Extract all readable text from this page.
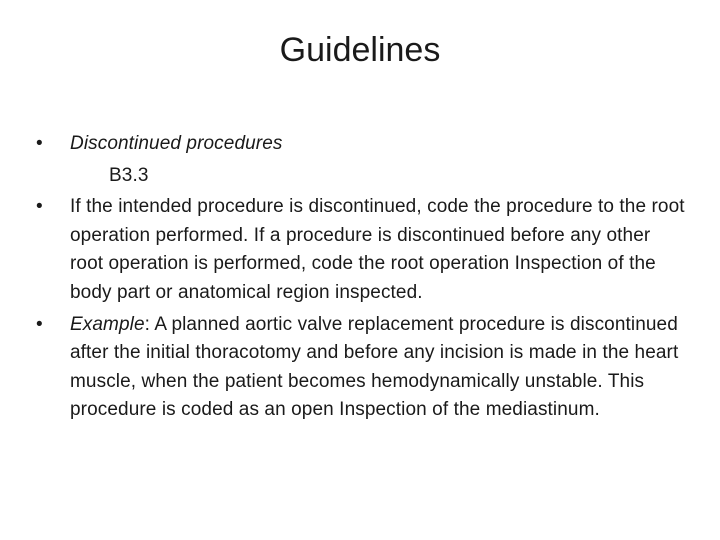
Guidelines
• Discontinued procedures
B3.3
• If the intended procedure is discontinued, code the procedure to the root operation performed. If a procedure is discontinued before any other root operation is performed, code the root operation Inspection of the body part or anatomical region inspected.
• Example: A planned aortic valve replacement procedure is discontinued after the initial thoracotomy and before any incision is made in the heart muscle, when the patient becomes hemodynamically unstable. This procedure is coded as an open Inspection of the mediastinum.
